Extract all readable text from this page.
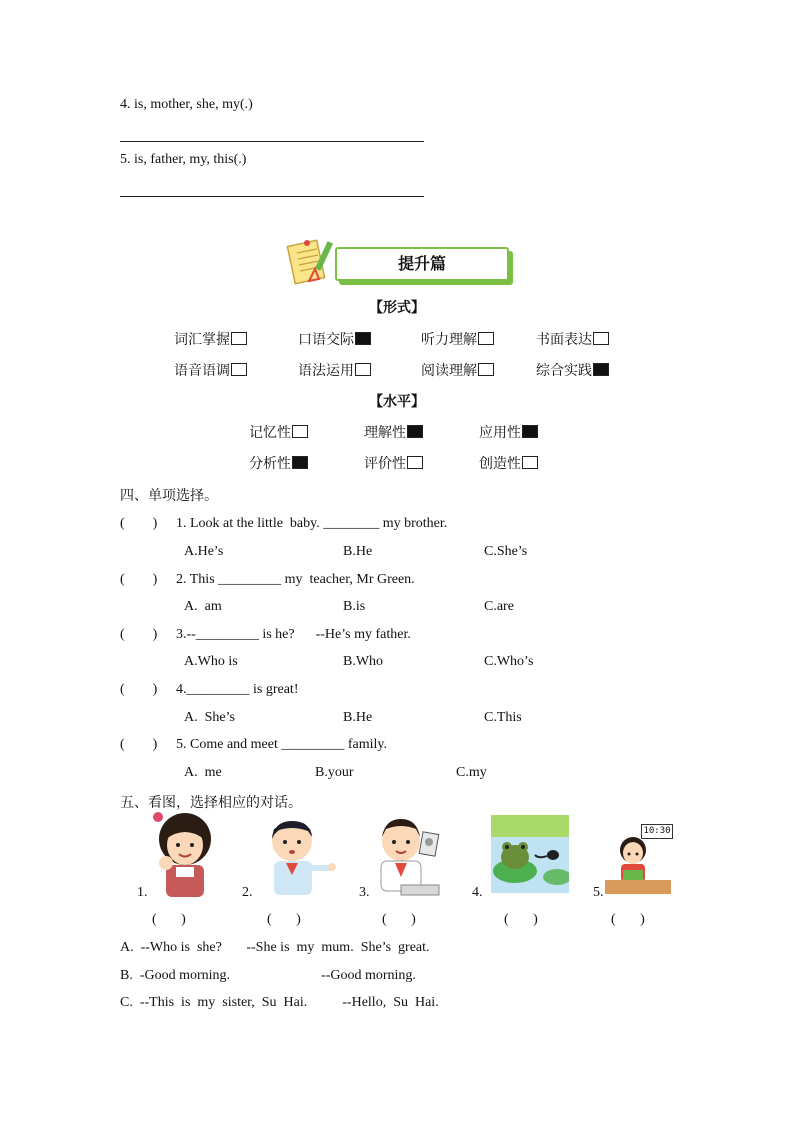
4. is, mother, she, my(.)
5. is, father, my, this(.)
提升篇
【形式】
词汇掌握	口语交际	听力理解	书面表达
语音语调	语法运用	阅读理解	综合实践
【水平】
记忆性	理解性	应用性
分析性	评价性	创造性
四、单项选择。
(        ) 1. Look at the little  baby. ________ my brother.
A.He’s	B.He	C.She’s
(        ) 2. This _________ my  teacher, Mr Green.
A.  am	B.is	C.are
(        ) 3.--_________ is he?      --He’s my father.
A.Who is	B.Who	C.Who’s
(        ) 4._________ is great!
A.  She’s	B.He	C.This
(        ) 5. Come and meet _________ family.
A.  me	B.your	C.my
五、看图，选择相应的对话。
1.
(       )
2.
(       )
3.
(       )
4.
(       )
5.
10:30
(       )
A.  --Who is  she?       --She is  my  mum.  She’s  great.
B.  -Good morning.                          --Good morning.
C.  --This  is  my  sister,  Su  Hai.          --Hello,  Su  Hai.
